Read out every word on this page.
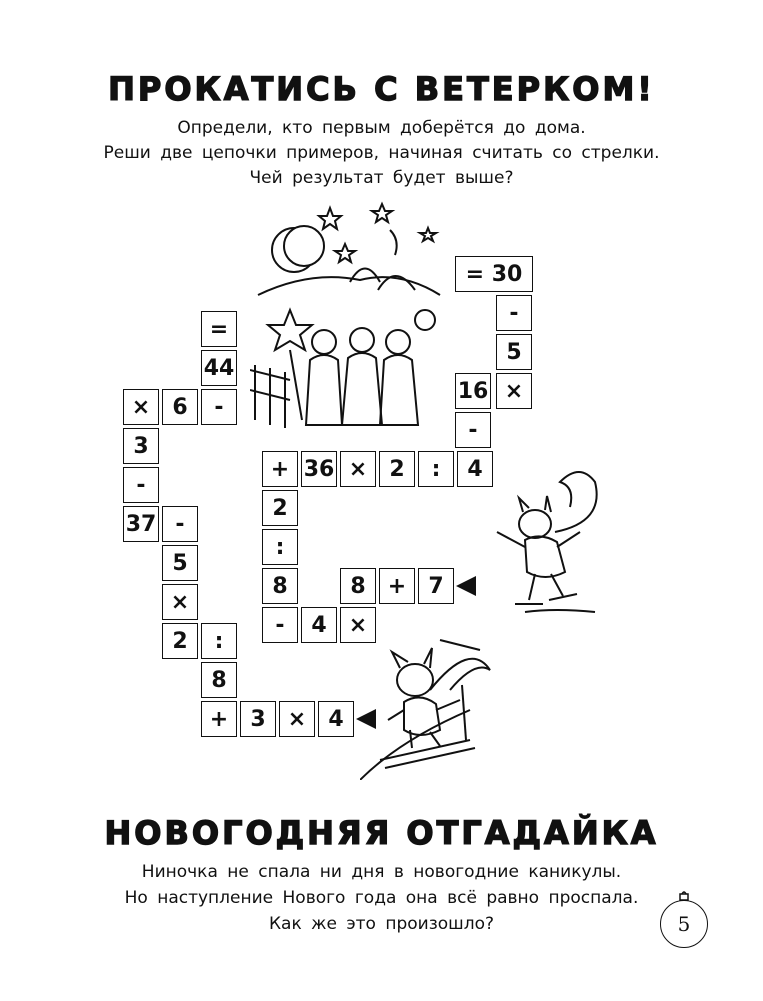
ПРОКАТИСЬ С ВЕТЕРКОМ!
Определи, кто первым доберётся до дома.
Реши две цепочки примеров, начиная считать со стрелки.
Чей результат будет выше?
= 30
-
5
16 ×
-
+ 36 ×	2	:	4
2
:
8	8	+	7
-	4	×
=
44
×	6	-
3
-
37 -
5
×
2	:
8
+	3	×	4
НОВОГОДНЯЯ ОТГАДАЙКА
Ниночка не спала ни дня в новогодние каникулы.
Но наступление Нового года она всё равно проспала.
Как же это произошло?	5
